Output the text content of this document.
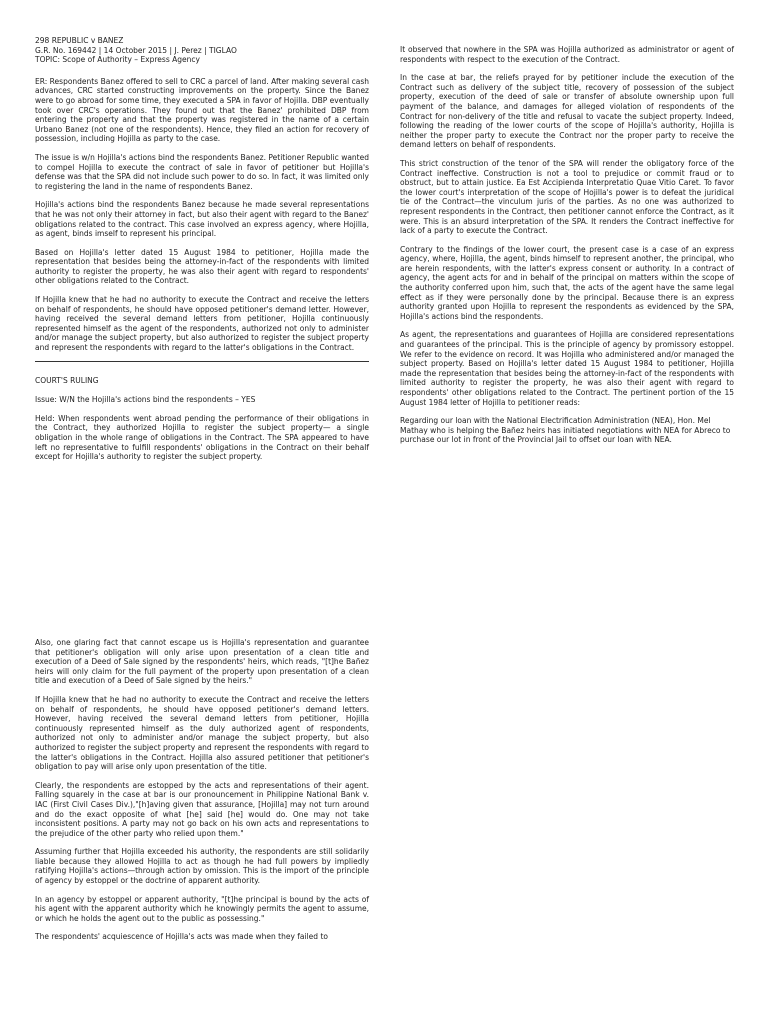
298 REPUBLIC v BANEZ

G.R. No. 169442 | 14 October 2015 | J. Perez | TIGLAO

TOPIC: Scope of Authority – Express Agency

ER: Respondents Banez offered to sell to CRC a parcel of land. After making several cash advances, CRC started constructing improvements on the property. Since the Banez were to go abroad for some time, they executed a SPA in favor of Hojilla. DBP eventually took over CRC's operations. They found out that the Banez' prohibited DBP from entering the property and that the property was registered in the name of a certain Urbano Banez (not one of the respondents). Hence, they filed an action for recovery of possession, including Hojilla as party to the case.

The issue is w/n Hojilla's actions bind the respondents Banez. Petitioner Republic wanted to compel Hojilla to execute the contract of sale in favor of petitioner but Hojilla's defense was that the SPA did not include such power to do so. In fact, it was limited only to registering the land in the name of respondents Banez.

Hojilla's actions bind the respondents Banez because he made several representations that he was not only their attorney in fact, but also their agent with regard to the Banez' obligations related to the contract. This case involved an express agency, where Hojilla, as agent, binds imself to represent his principal.

Based on Hojilla's letter dated 15 August 1984 to petitioner, Hojilla made the representation that besides being the attorney-in-fact of the respondents with limited authority to register the property, he was also their agent with regard to respondents' other obligations related to the Contract.

If Hojilla knew that he had no authority to execute the Contract and receive the letters on behalf of respondents, he should have opposed petitioner's demand letter. However, having received the several demand letters from petitioner, Hojilla continuously represented himself as the agent of the respondents, authorized not only to administer and/or manage the subject property, but also authorized to register the subject property and represent the respondents with regard to the latter's obligations in the Contract.

COURT'S RULING

Issue: W/N the Hojilla's actions bind the respondents – YES

Held: When respondents went abroad pending the performance of their obligations in the Contract, they authorized Hojilla to register the subject property— a single obligation in the whole range of obligations in the Contract. The SPA appeared to have left no representative to fulfill respondents' obligations in the Contract on their behalf except for Hojilla's authority to register the subject property.

It observed that nowhere in the SPA was Hojilla authorized as administrator or agent of respondents with respect to the execution of the Contract.

In the case at bar, the reliefs prayed for by petitioner include the execution of the Contract such as delivery of the subject title, recovery of possession of the subject property, execution of the deed of sale or transfer of absolute ownership upon full payment of the balance, and damages for alleged violation of respondents of the Contract for non-delivery of the title and refusal to vacate the subject property. Indeed, following the reading of the lower courts of the scope of Hojilla's authority, Hojilla is neither the proper party to execute the Contract nor the proper party to receive the demand letters on behalf of respondents.

This strict construction of the tenor of the SPA will render the obligatory force of the Contract ineffective. Construction is not a tool to prejudice or commit fraud or to obstruct, but to attain justice. Ea Est Accipienda Interpretatio Quae Vitio Caret. To favor the lower court's interpretation of the scope of Hojilla's power is to defeat the juridical tie of the Contract—the vinculum juris of the parties. As no one was authorized to represent respondents in the Contract, then petitioner cannot enforce the Contract, as it were. This is an absurd interpretation of the SPA. It renders the Contract ineffective for lack of a party to execute the Contract.

Contrary to the findings of the lower court, the present case is a case of an express agency, where, Hojilla, the agent, binds himself to represent another, the principal, who are herein respondents, with the latter's express consent or authority. In a contract of agency, the agent acts for and in behalf of the principal on matters within the scope of the authority conferred upon him, such that, the acts of the agent have the same legal effect as if they were personally done by the principal. Because there is an express authority granted upon Hojilla to represent the respondents as evidenced by the SPA, Hojilla's actions bind the respondents.

As agent, the representations and guarantees of Hojilla are considered representations and guarantees of the principal. This is the principle of agency by promissory estoppel. We refer to the evidence on record. It was Hojilla who administered and/or managed the subject property. Based on Hojilla's letter dated 15 August 1984 to petitioner, Hojilla made the representation that besides being the attorney-in-fact of the respondents with limited authority to register the property, he was also their agent with regard to respondents' other obligations related to the Contract. The pertinent portion of the 15 August 1984 letter of Hojilla to petitioner reads:

Regarding our loan with the National Electrification Administration (NEA), Hon. Mel Mathay who is helping the Bañez heirs has initiated negotiations with NEA for Abreco to purchase our lot in front of the Provincial Jail to offset our loan with NEA.

Also, one glaring fact that cannot escape us is Hojilla's representation and guarantee that petitioner's obligation will only arise upon presentation of a clean title and execution of a Deed of Sale signed by the respondents' heirs, which reads, "[t]he Bañez heirs will only claim for the full payment of the property upon presentation of a clean title and execution of a Deed of Sale signed by the heirs."

If Hojilla knew that he had no authority to execute the Contract and receive the letters on behalf of respondents, he should have opposed petitioner's demand letters. However, having received the several demand letters from petitioner, Hojilla continuously represented himself as the duly authorized agent of respondents, authorized not only to administer and/or manage the subject property, but also authorized to register the subject property and represent the respondents with regard to the latter's obligations in the Contract. Hojilla also assured petitioner that petitioner's obligation to pay will arise only upon presentation of the title.

Clearly, the respondents are estopped by the acts and representations of their agent. Falling squarely in the case at bar is our pronouncement in Philippine National Bank v. IAC (First Civil Cases Div.),"[h]aving given that assurance, [Hojilla] may not turn around and do the exact opposite of what [he] said [he] would do. One may not take inconsistent positions. A party may not go back on his own acts and representations to the prejudice of the other party who relied upon them."

Assuming further that Hojilla exceeded his authority, the respondents are still solidarily liable because they allowed Hojilla to act as though he had full powers by impliedly ratifying Hojilla's actions—through action by omission. This is the import of the principle of agency by estoppel or the doctrine of apparent authority.

In an agency by estoppel or apparent authority, "[t]he principal is bound by the acts of his agent with the apparent authority which he knowingly permits the agent to assume, or which he holds the agent out to the public as possessing."

The respondents' acquiescence of Hojilla's acts was made when they failed to
